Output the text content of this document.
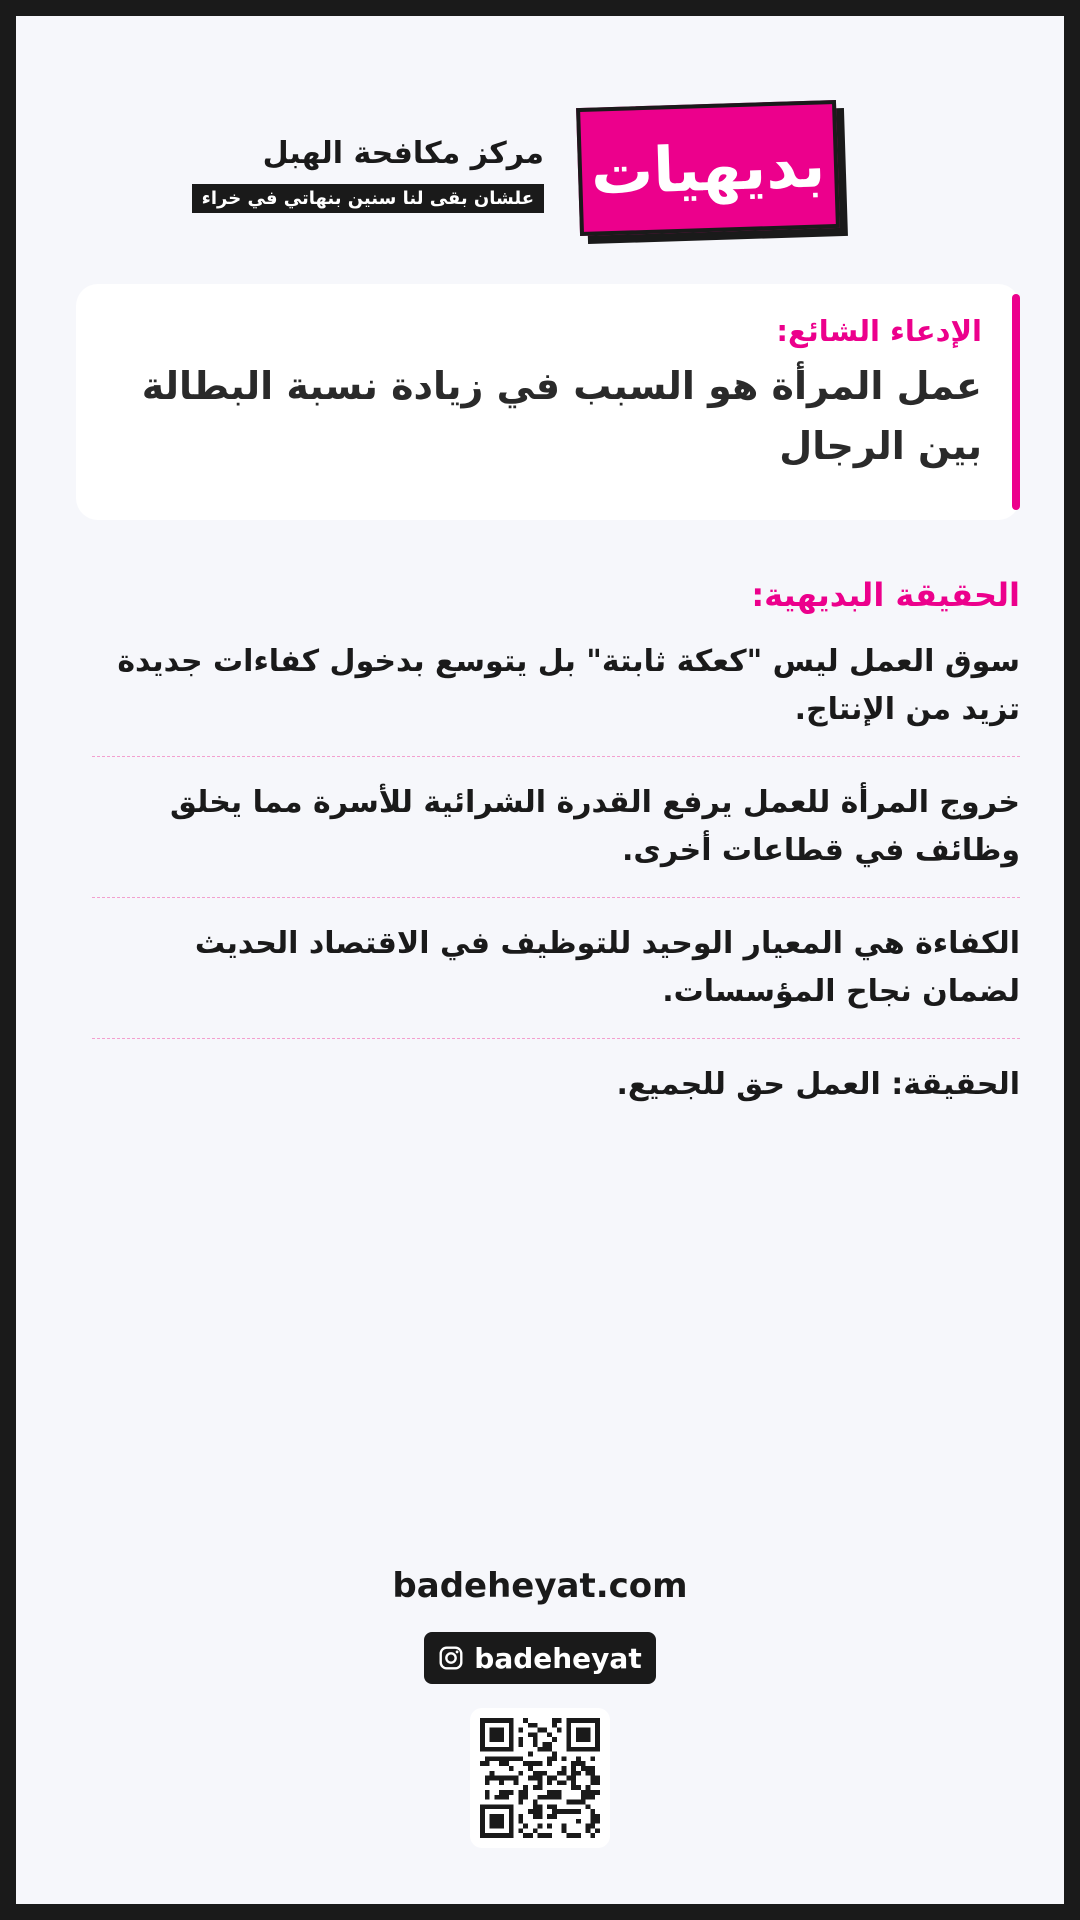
بديهيات
مركز مكافحة الهبل
علشان بقى لنا سنين بنهاتي في خراء
الإدعاء الشائع:
عمل المرأة هو السبب في زيادة نسبة البطالة بين الرجال
الحقيقة البديهية:
سوق العمل ليس "كعكة ثابتة" بل يتوسع بدخول كفاءات جديدة تزيد من الإنتاج.
خروج المرأة للعمل يرفع القدرة الشرائية للأسرة مما يخلق وظائف في قطاعات أخرى.
الكفاءة هي المعيار الوحيد للتوظيف في الاقتصاد الحديث لضمان نجاح المؤسسات.
الحقيقة: العمل حق للجميع.
badeheyat.com
badeheyat
